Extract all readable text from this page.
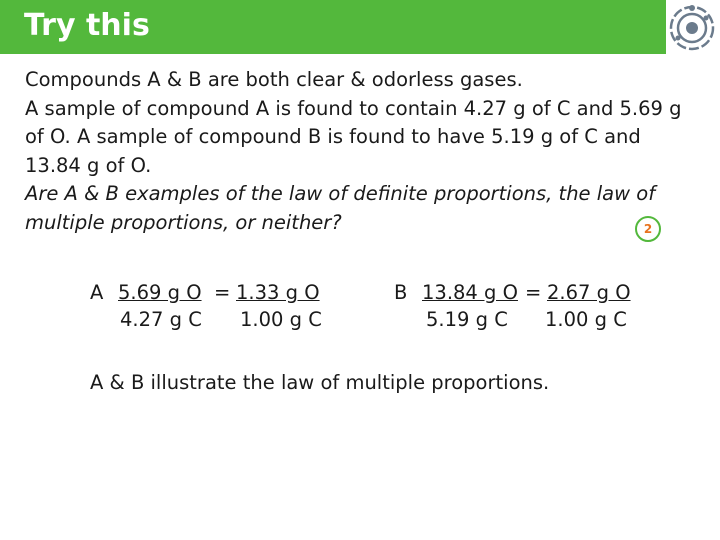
Try this

Compounds A & B are both clear & odorless gases.

A sample of compound A is found to contain 4.27 g of C and 5.69 g of O. A sample of compound B is found to have 5.19 g of C and 13.84 g of O.

Are A & B examples of the law of definite proportions, the law of multiple proportions, or neither?	2
A 5.69 g O = 1.33 g O
4.27 g C 1.00 g C
B 13.84 g O = 2.67 g O
5.19 g C 1.00 g C
A & B illustrate the law of multiple proportions.
